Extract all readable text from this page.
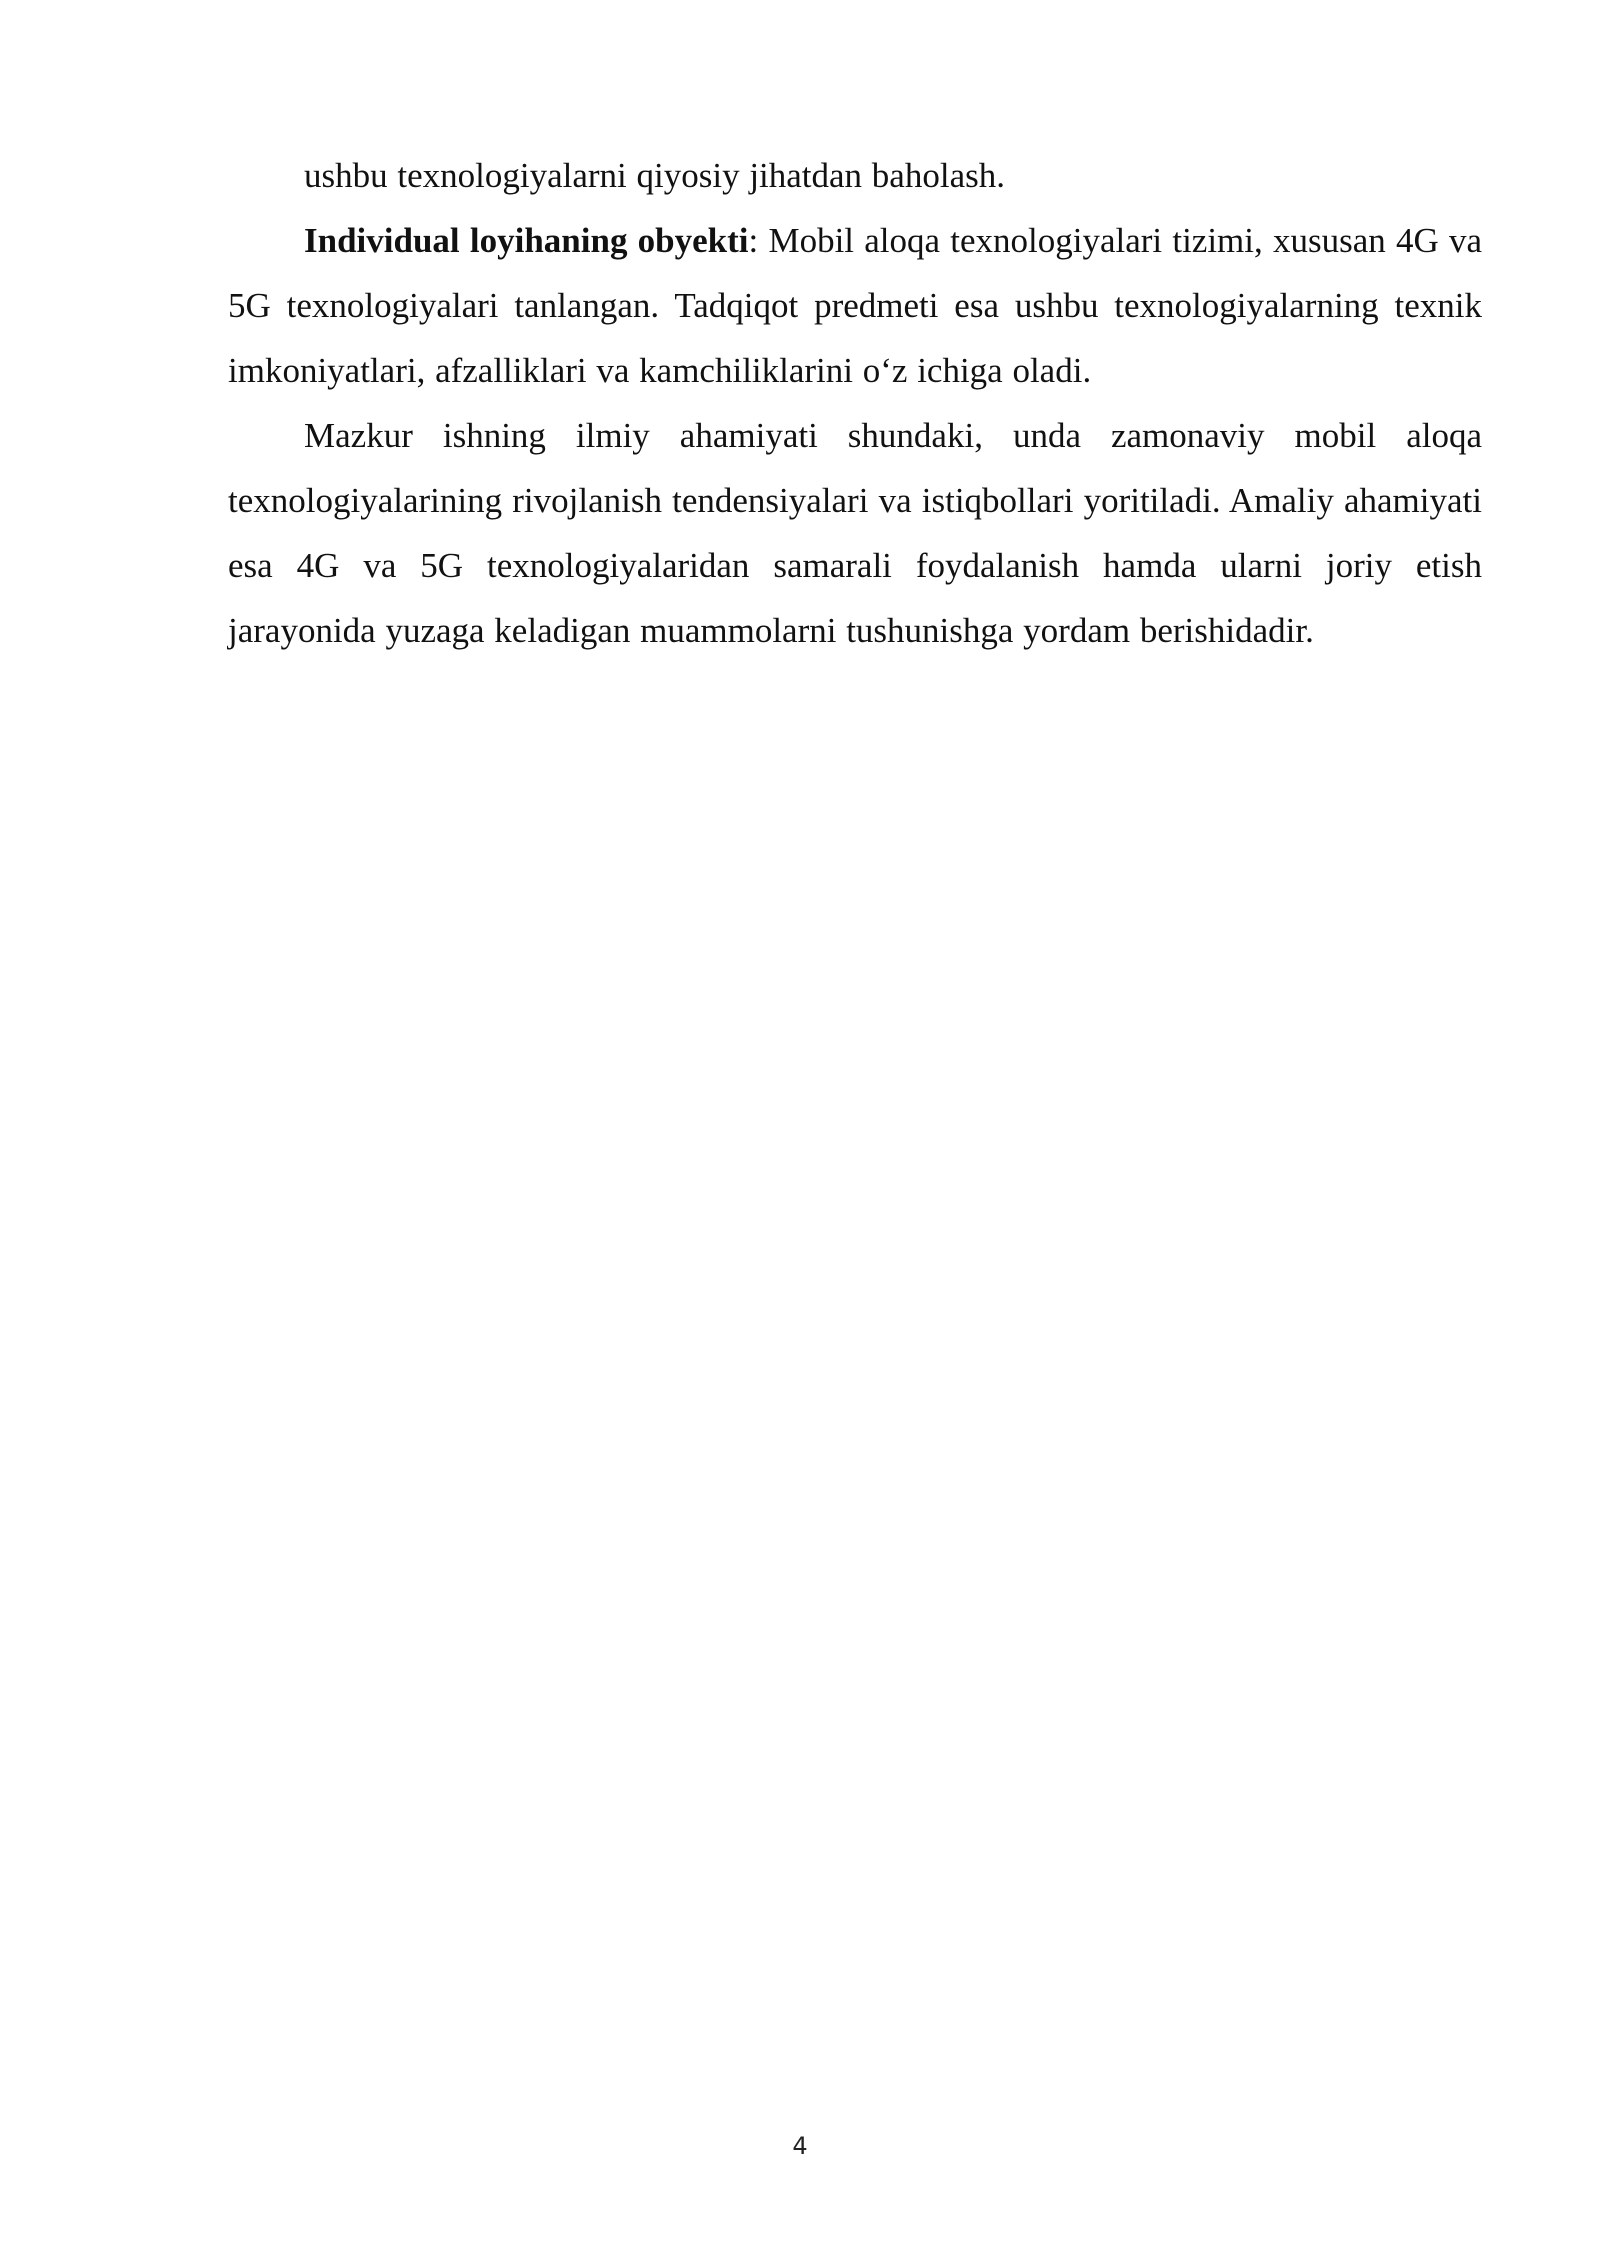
ushbu texnologiyalarni qiyosiy jihatdan baholash.

Individual loyihaning obyekti: Mobil aloqa texnologiyalari tizimi, xususan 4G va 5G texnologiyalari tanlangan. Tadqiqot predmeti esa ushbu texnologiyalarning texnik imkoniyatlari, afzalliklari va kamchiliklarini o‘z ichiga oladi.

Mazkur ishning ilmiy ahamiyati shundaki, unda zamonaviy mobil aloqa texnologiyalarining rivojlanish tendensiyalari va istiqbollari yoritiladi. Amaliy ahamiyati esa 4G va 5G texnologiyalaridan samarali foydalanish hamda ularni joriy etish jarayonida yuzaga keladigan muammolarni tushunishga yordam berishidadir.

4
